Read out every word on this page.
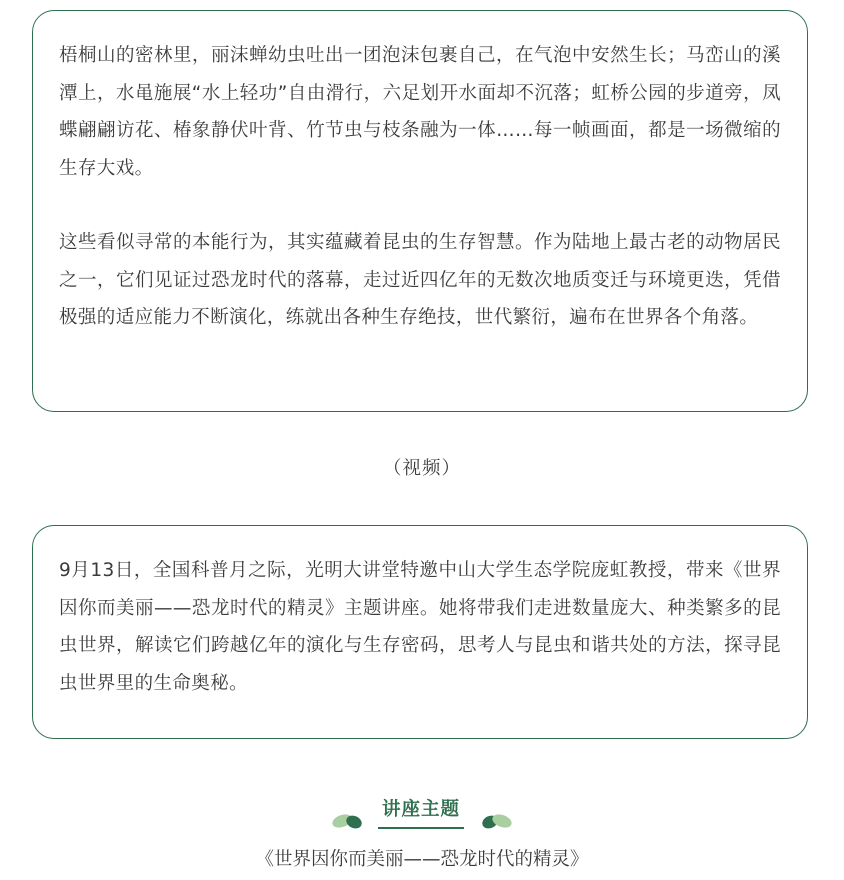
梧桐山的密林里，丽沫蝉幼虫吐出一团泡沫包裹自己，在气泡中安然生长；马峦山的溪潭上，水黾施展“水上轻功”自由滑行，六足划开水面却不沉落；虹桥公园的步道旁，凤蝶翩翩访花、椿象静伏叶背、竹节虫与枝条融为一体……每一帧画面，都是一场微缩的生存大戏。

这些看似寻常的本能行为，其实蕴藏着昆虫的生存智慧。作为陆地上最古老的动物居民之一，它们见证过恐龙时代的落幕，走过近四亿年的无数次地质变迁与环境更迭，凭借极强的适应能力不断演化，练就出各种生存绝技，世代繁衍，遍布在世界各个角落。

（视频）

9月13日，全国科普月之际，光明大讲堂特邀中山大学生态学院庞虹教授，带来《世界因你而美丽——恐龙时代的精灵》主题讲座。她将带我们走进数量庞大、种类繁多的昆虫世界，解读它们跨越亿年的演化与生存密码，思考人与昆虫和谐共处的方法，探寻昆虫世界里的生命奥秘。

讲座主题
《世界因你而美丽——恐龙时代的精灵》
